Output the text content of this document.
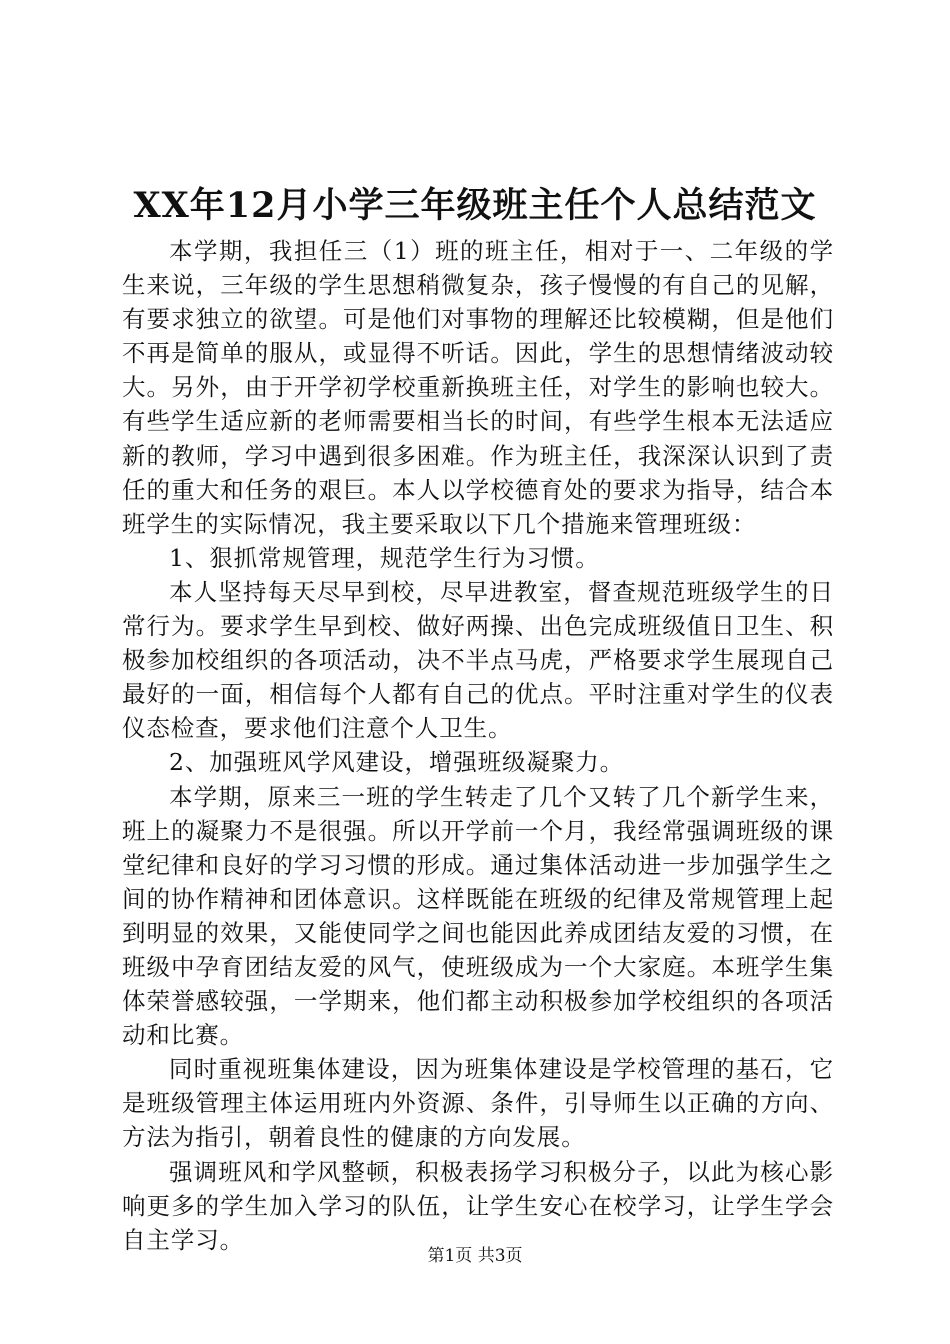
XX年12月小学三年级班主任个人总结范文

本学期，我担任三（1）班的班主任，相对于一、二年级的学生来说，三年级的学生思想稍微复杂，孩子慢慢的有自己的见解，有要求独立的欲望。可是他们对事物的理解还比较模糊，但是他们不再是简单的服从，或显得不听话。因此，学生的思想情绪波动较大。另外，由于开学初学校重新换班主任，对学生的影响也较大。有些学生适应新的老师需要相当长的时间，有些学生根本无法适应新的教师，学习中遇到很多困难。作为班主任，我深深认识到了责任的重大和任务的艰巨。本人以学校德育处的要求为指导，结合本班学生的实际情况，我主要采取以下几个措施来管理班级：

1、狠抓常规管理，规范学生行为习惯。

本人坚持每天尽早到校，尽早进教室，督查规范班级学生的日常行为。要求学生早到校、做好两操、出色完成班级值日卫生、积极参加校组织的各项活动，决不半点马虎，严格要求学生展现自己最好的一面，相信每个人都有自己的优点。平时注重对学生的仪表仪态检查，要求他们注意个人卫生。

2、加强班风学风建设，增强班级凝聚力。

本学期，原来三一班的学生转走了几个又转了几个新学生来，班上的凝聚力不是很强。所以开学前一个月，我经常强调班级的课堂纪律和良好的学习习惯的形成。通过集体活动进一步加强学生之间的协作精神和团体意识。这样既能在班级的纪律及常规管理上起到明显的效果，又能使同学之间也能因此养成团结友爱的习惯，在班级中孕育团结友爱的风气，使班级成为一个大家庭。本班学生集体荣誉感较强，一学期来，他们都主动积极参加学校组织的各项活动和比赛。

同时重视班集体建设，因为班集体建设是学校管理的基石，它是班级管理主体运用班内外资源、条件，引导师生以正确的方向、方法为指引，朝着良性的健康的方向发展。

强调班风和学风整顿，积极表扬学习积极分子，以此为核心影响更多的学生加入学习的队伍，让学生安心在校学习，让学生学会自主学习。

第1页 共3页
